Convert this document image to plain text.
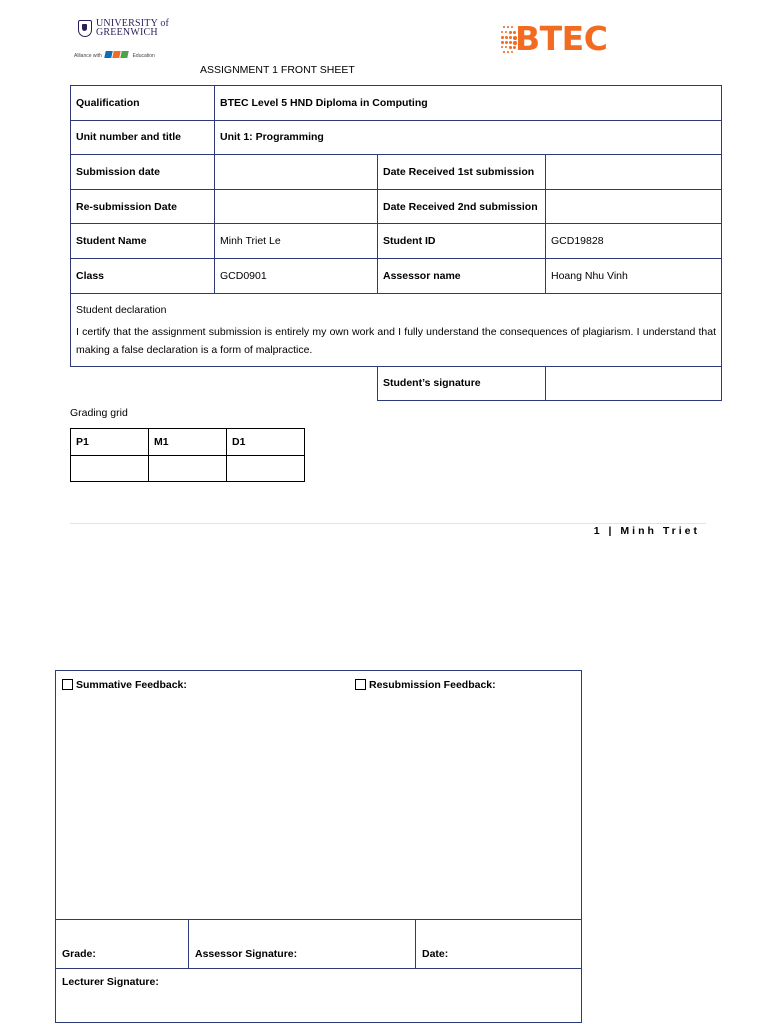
UNIVERSITY of
GREENWICH
Alliance with	Education	BTEC
ASSIGNMENT 1 FRONT SHEET
Qualification	BTEC Level 5 HND Diploma in Computing		
Unit number and title	Unit 1: Programming		
Submission date		Date Received 1st submission	
Re-submission Date		Date Received 2nd submission	
Student Name	Minh Triet Le	Student ID	GCD19828
Class	GCD0901	Assessor name	Hoang Nhu Vinh

Student declaration
I certify that the assignment submission is entirely my own work and I fully understand the consequences of plagiarism. I understand that making a false declaration is a form of malpractice.			

		Student’s signature	
Grading grid
P1	M1	D1

1 | Minh Triet
Summative Feedback:	Resubmission Feedback:
Grade:	Assessor Signature:	Date:
Lecturer Signature:
